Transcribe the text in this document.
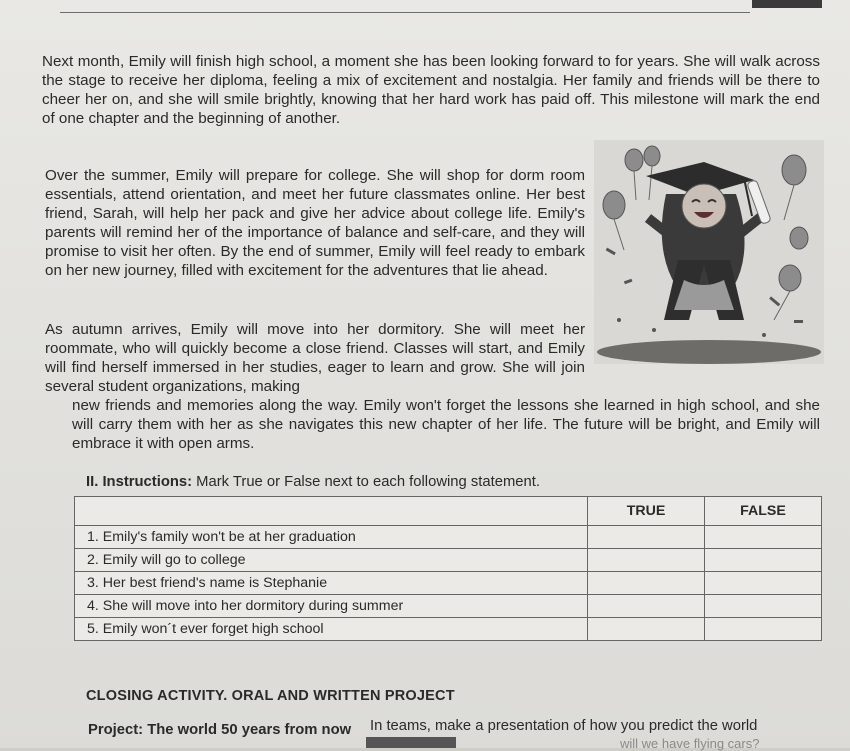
Next month, Emily will finish high school, a moment she has been looking forward to for years. She will walk across the stage to receive her diploma, feeling a mix of excitement and nostalgia. Her family and friends will be there to cheer her on, and she will smile brightly, knowing that her hard work has paid off. This milestone will mark the end of one chapter and the beginning of another.

Over the summer, Emily will prepare for college. She will shop for dorm room essentials, attend orientation, and meet her future classmates online. Her best friend, Sarah, will help her pack and give her advice about college life. Emily's parents will remind her of the importance of balance and self-care, and they will promise to visit her often. By the end of summer, Emily will feel ready to embark on her new journey, filled with excitement for the adventures that lie ahead.

As autumn arrives, Emily will move into her dormitory. She will meet her roommate, who will quickly become a close friend. Classes will start, and Emily will find herself immersed in her studies, eager to learn and grow. She will join several student organizations, making

new friends and memories along the way. Emily won't forget the lessons she learned in high school, and she will carry them with her as she navigates this new chapter of her life. The future will be bright, and Emily will embrace it with open arms.

II. Instructions: Mark True or False next to each following statement.
	TRUE	FALSE
1. Emily's family won't be at her graduation		
2. Emily will go to college		
3. Her best friend's name is Stephanie		
4. She will move into her dormitory during summer		
5. Emily won´t ever forget high school		
CLOSING ACTIVITY. ORAL AND WRITTEN PROJECT
Project: The world 50 years from now In teams, make a presentation of how you predict the world
will we have flying cars?
